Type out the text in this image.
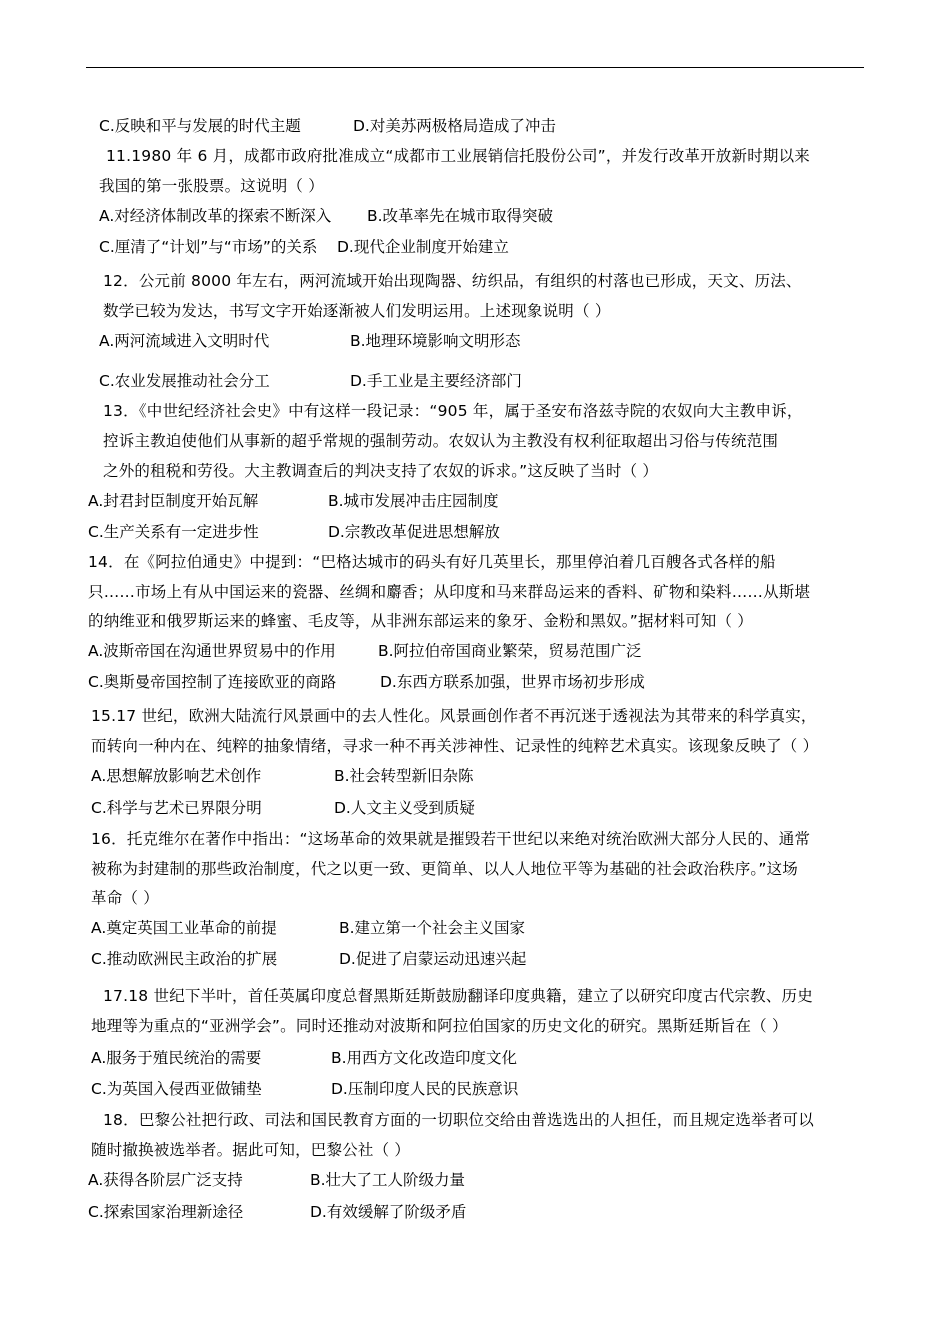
C.反映和平与发展的时代主题	D.对美苏两极格局造成了冲击
11.1980 年 6 月，成都市政府批准成立“成都市工业展销信托股份公司”，并发行改革开放新时期以来
我国的第一张股票。这说明（ ）
A.对经济体制改革的探索不断深入 B.改革率先在城市取得突破
C.厘清了“计划”与“市场”的关系 D.现代企业制度开始建立
12．公元前 8000 年左右，两河流域开始出现陶器、纺织品，有组织的村落也已形成，天文、历法、
数学已较为发达，书写文字开始逐渐被人们发明运用。上述现象说明（ ）
A.两河流域进入文明时代	B.地理环境影响文明形态
C.农业发展推动社会分工	D.手工业是主要经济部门
13．《中世纪经济社会史》中有这样一段记录：“905 年，属于圣安布洛兹寺院的农奴向大主教申诉，
控诉主教迫使他们从事新的超乎常规的强制劳动。农奴认为主教没有权利征取超出习俗与传统范围
之外的租税和劳役。大主教调查后的判决支持了农奴的诉求。”这反映了当时（ ）
A.封君封臣制度开始瓦解	B.城市发展冲击庄园制度
C.生产关系有一定进步性	D.宗教改革促进思想解放
14．在《阿拉伯通史》中提到：“巴格达城市的码头有好几英里长，那里停泊着几百艘各式各样的船
只……市场上有从中国运来的瓷器、丝绸和麝香；从印度和马来群岛运来的香料、矿物和染料……从斯堪
的纳维亚和俄罗斯运来的蜂蜜、毛皮等，从非洲东部运来的象牙、金粉和黑奴。”据材料可知（ ）
A.波斯帝国在沟通世界贸易中的作用	B.阿拉伯帝国商业繁荣，贸易范围广泛
C.奥斯曼帝国控制了连接欧亚的商路	D.东西方联系加强，世界市场初步形成
15.17 世纪，欧洲大陆流行风景画中的去人性化。风景画创作者不再沉迷于透视法为其带来的科学真实，
而转向一种内在、纯粹的抽象情绪，寻求一种不再关涉神性、记录性的纯粹艺术真实。该现象反映了（ ）
A.思想解放影响艺术创作	B.社会转型新旧杂陈
C.科学与艺术已界限分明	D.人文主义受到质疑
16．托克维尔在著作中指出：“这场革命的效果就是摧毁若干世纪以来绝对统治欧洲大部分人民的、通常
被称为封建制的那些政治制度，代之以更一致、更简单、以人人地位平等为基础的社会政治秩序。”这场
革命（ ）
A.奠定英国工业革命的前提	B.建立第一个社会主义国家
C.推动欧洲民主政治的扩展	D.促进了启蒙运动迅速兴起
17.18 世纪下半叶，首任英属印度总督黑斯廷斯鼓励翻译印度典籍，建立了以研究印度古代宗教、历史
地理等为重点的“亚洲学会”。同时还推动对波斯和阿拉伯国家的历史文化的研究。黑斯廷斯旨在（ ）
A.服务于殖民统治的需要	B.用西方文化改造印度文化
C.为英国入侵西亚做铺垫	D.压制印度人民的民族意识
18．巴黎公社把行政、司法和国民教育方面的一切职位交给由普选选出的人担任，而且规定选举者可以
随时撤换被选举者。据此可知，巴黎公社（ ）
A.获得各阶层广泛支持	B.壮大了工人阶级力量
C.探索国家治理新途径	D.有效缓解了阶级矛盾
